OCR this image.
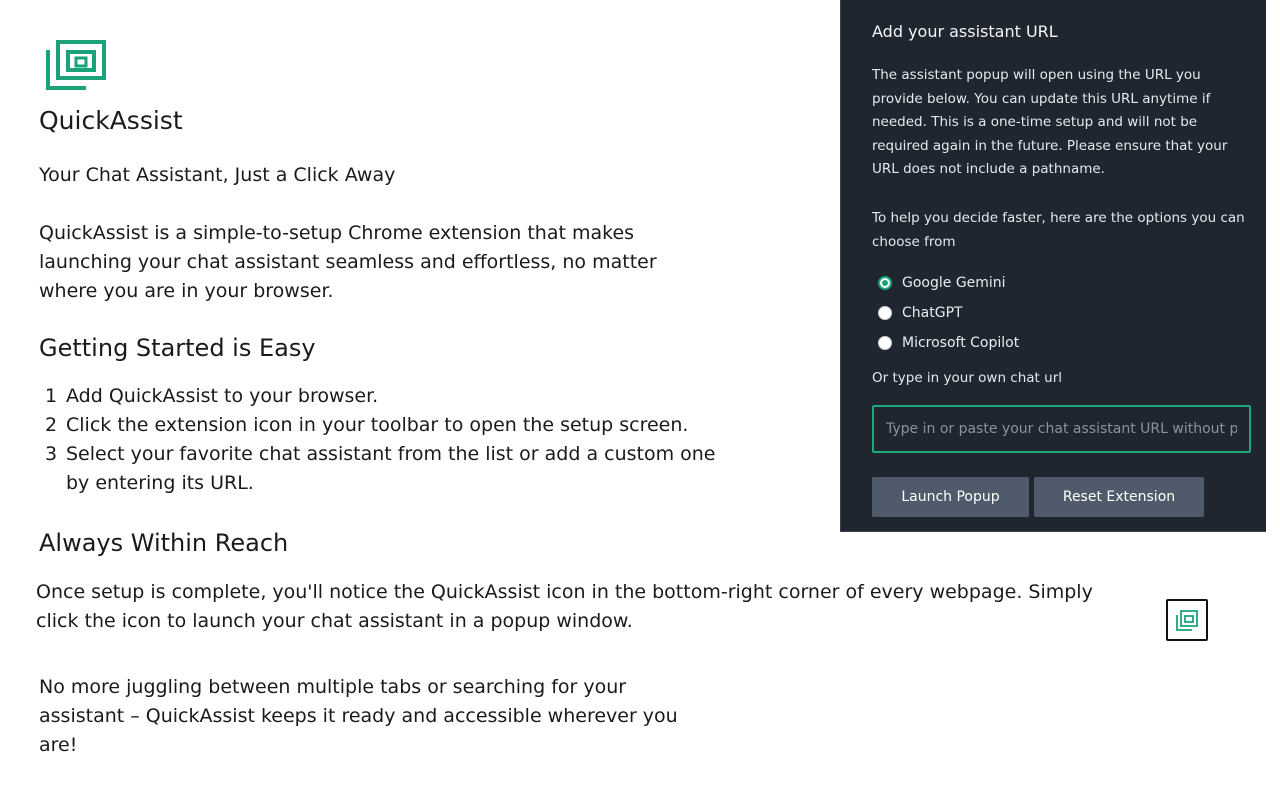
QuickAssist

Your Chat Assistant, Just a Click Away

QuickAssist is a simple-to-setup Chrome extension that makes launching your chat assistant seamless and effortless, no matter where you are in your browser.

Getting Started is Easy
1 Add QuickAssist to your browser.
2 Click the extension icon in your toolbar to open the setup screen.
3 Select your favorite chat assistant from the list or add a custom one by entering its URL.
Always Within Reach

Once setup is complete, you'll notice the QuickAssist icon in the bottom-right corner of every webpage. Simply click the icon to launch your chat assistant in a popup window.

No more juggling between multiple tabs or searching for your assistant – QuickAssist keeps it ready and accessible wherever you are!

Add your assistant URL

The assistant popup will open using the URL you provide below. You can update this URL anytime if needed. This is a one-time setup and will not be required again in the future. Please ensure that your URL does not include a pathname.

To help you decide faster, here are the options you can choose from

Google Gemini
ChatGPT
Microsoft Copilot

Or type in your own chat url

Type in or paste your chat assistant URL without pathname
Launch Popup	Reset Extension
